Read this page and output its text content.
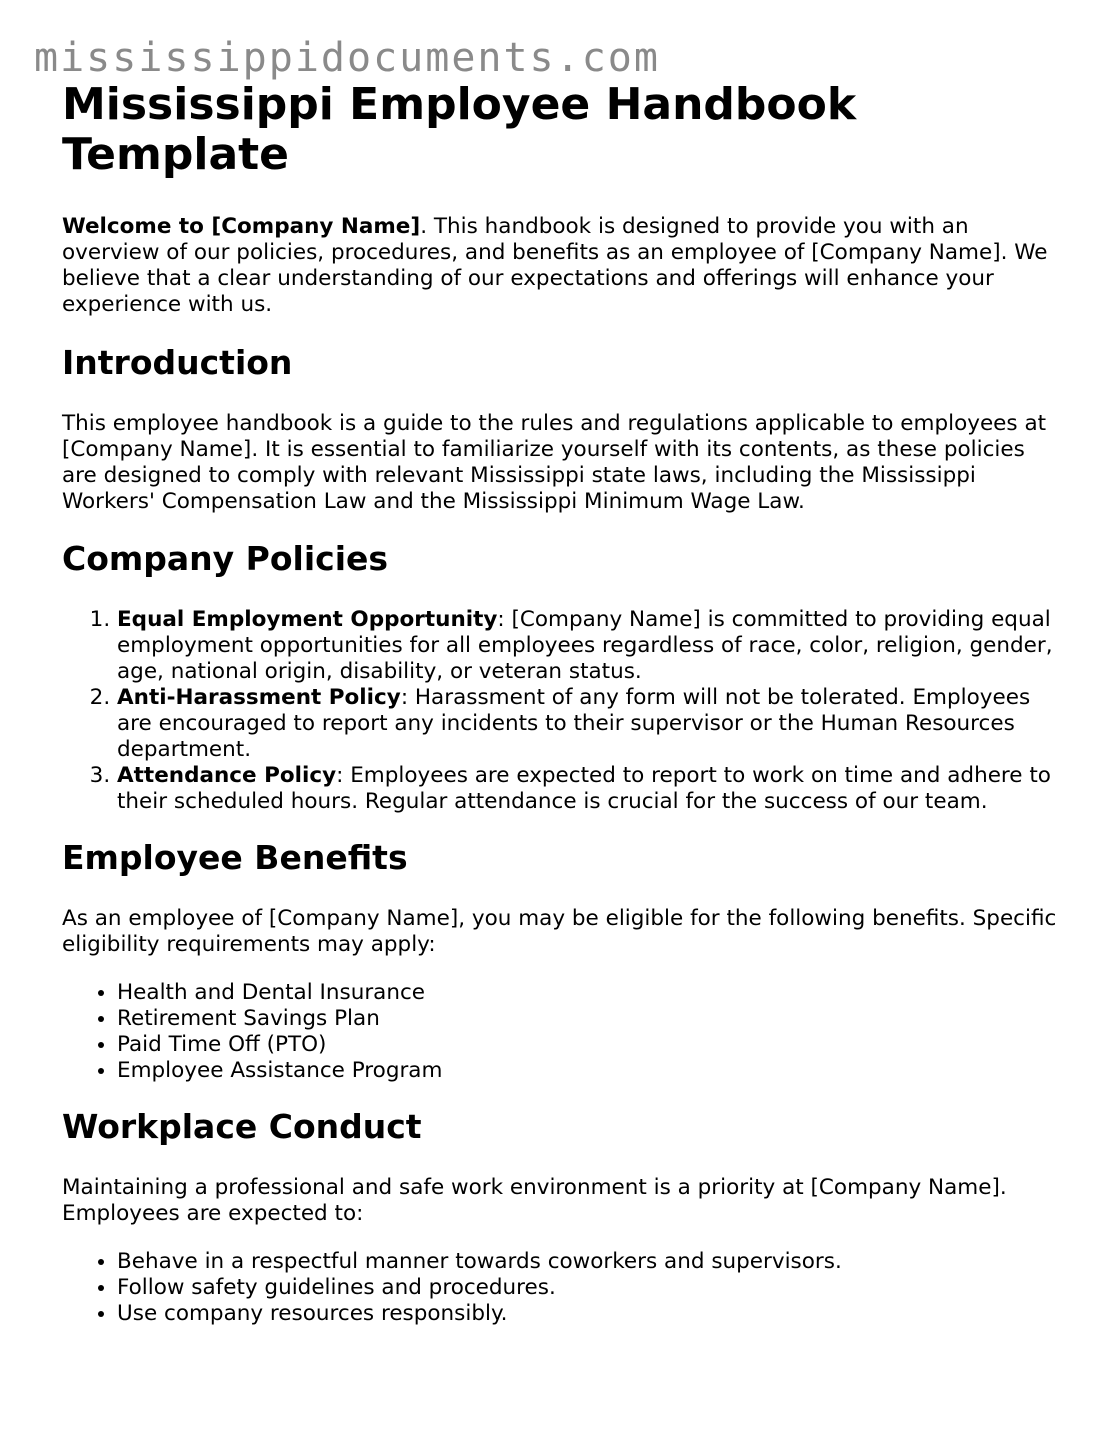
mississippidocuments.com
Mississippi Employee Handbook Template

Welcome to [Company Name]. This handbook is designed to provide you with an overview of our policies, procedures, and benefits as an employee of [Company Name]. We believe that a clear understanding of our expectations and offerings will enhance your experience with us.

Introduction

This employee handbook is a guide to the rules and regulations applicable to employees at [Company Name]. It is essential to familiarize yourself with its contents, as these policies are designed to comply with relevant Mississippi state laws, including the Mississippi Workers' Compensation Law and the Mississippi Minimum Wage Law.

Company Policies
1. Equal Employment Opportunity: [Company Name] is committed to providing equal employment opportunities for all employees regardless of race, color, religion, gender, age, national origin, disability, or veteran status.
2. Anti-Harassment Policy: Harassment of any form will not be tolerated. Employees are encouraged to report any incidents to their supervisor or the Human Resources department.
3. Attendance Policy: Employees are expected to report to work on time and adhere to their scheduled hours. Regular attendance is crucial for the success of our team.
Employee Benefits

As an employee of [Company Name], you may be eligible for the following benefits. Specific eligibility requirements may apply:

• Health and Dental Insurance
• Retirement Savings Plan
• Paid Time Off (PTO)
• Employee Assistance Program
Workplace Conduct

Maintaining a professional and safe work environment is a priority at [Company Name]. Employees are expected to:

• Behave in a respectful manner towards coworkers and supervisors.
• Follow safety guidelines and procedures.
• Use company resources responsibly.
